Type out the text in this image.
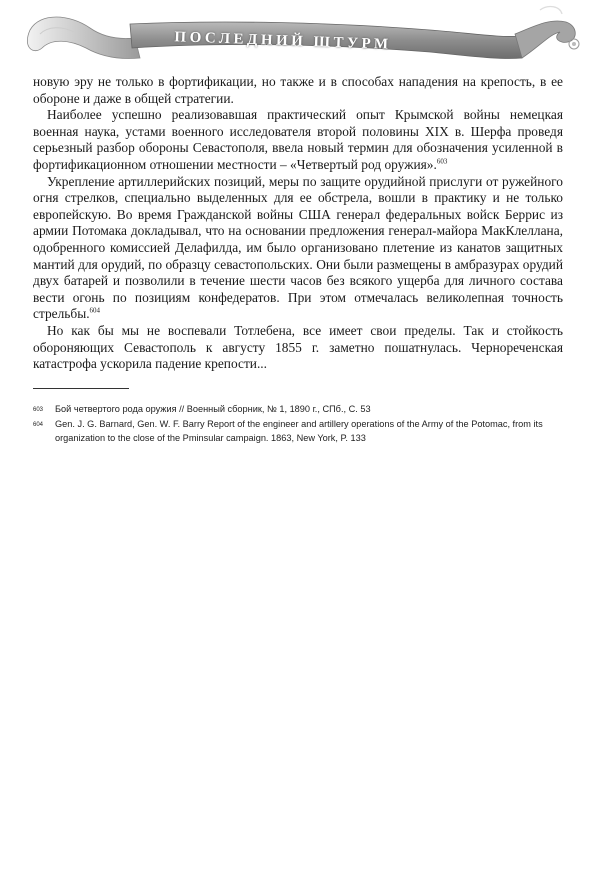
ПОСЛЕДНИЙ ШТУРМ

новую эру не только в фортификации, но также и в способах нападения на крепость, в ее обороне и даже в общей стратегии.

Наиболее успешно реализовавшая практический опыт Крымской войны немецкая военная наука, устами военного исследователя второй половины XIX в. Шерфа проведя серьезный разбор обороны Севастополя, ввела новый термин для обозначения усиленной в фортификационном отношении местности – «Четвертый род оружия».$^{603}$

Укрепление артиллерийских позиций, меры по защите орудийной прислуги от ружейного огня стрелков, специально выделенных для ее обстрела, вошли в практику и не только европейскую. Во время Гражданской войны США генерал федеральных войск Беррис из армии Потомака докладывал, что на основании предложения генерал-майора МакКлеллана, одобренного комиссией Делафилда, им было организовано плетение из канатов защитных мантий для орудий, по образцу севастопольских. Они были размещены в амбразурах орудий двух батарей и позволили в течение шести часов без всякого ущерба для личного состава вести огонь по позициям конфедератов. При этом отмечалась великолепная точность стрельбы.$^{604}$

Но как бы мы не воспевали Тотлебена, все имеет свои пределы. Так и стойкость обороняющих Севастополь к августу 1855 г. заметно пошатнулась. Чернореченская катастрофа ускорила падение крепости...

603	Бой четвертого рода оружия // Военный сборник, № 1, 1890 г., СПб., С. 53
604	Gen. J. G. Barnard, Gen. W. F. Barry Report of the engineer and artillery operations of the Army of the Potomac, from its organization to the close of the Pminsular campaign. 1863, New York, P. 133
